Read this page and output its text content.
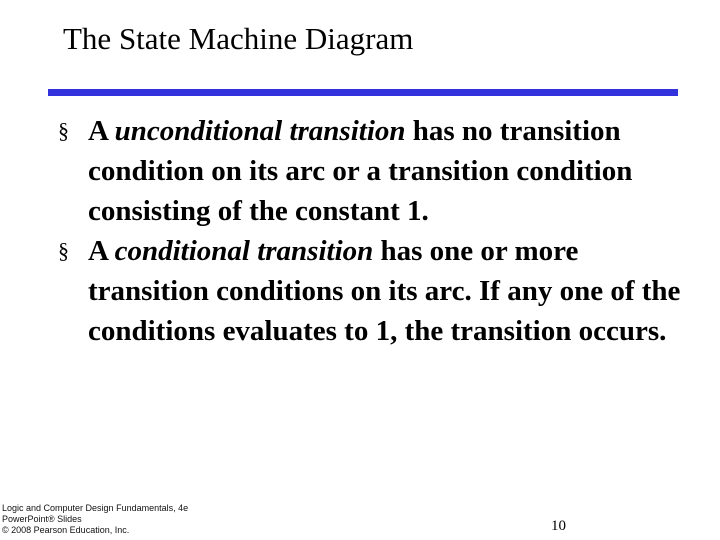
The State Machine Diagram
§ A unconditional transition has no transition condition on its arc or a transition condition consisting of the constant 1.
§ A conditional transition has one or more transition conditions on its arc. If any one of the conditions evaluates to 1, the transition occurs.
Logic and Computer Design Fundamentals, 4e
PowerPoint® Slides
© 2008 Pearson Education, Inc.	10
